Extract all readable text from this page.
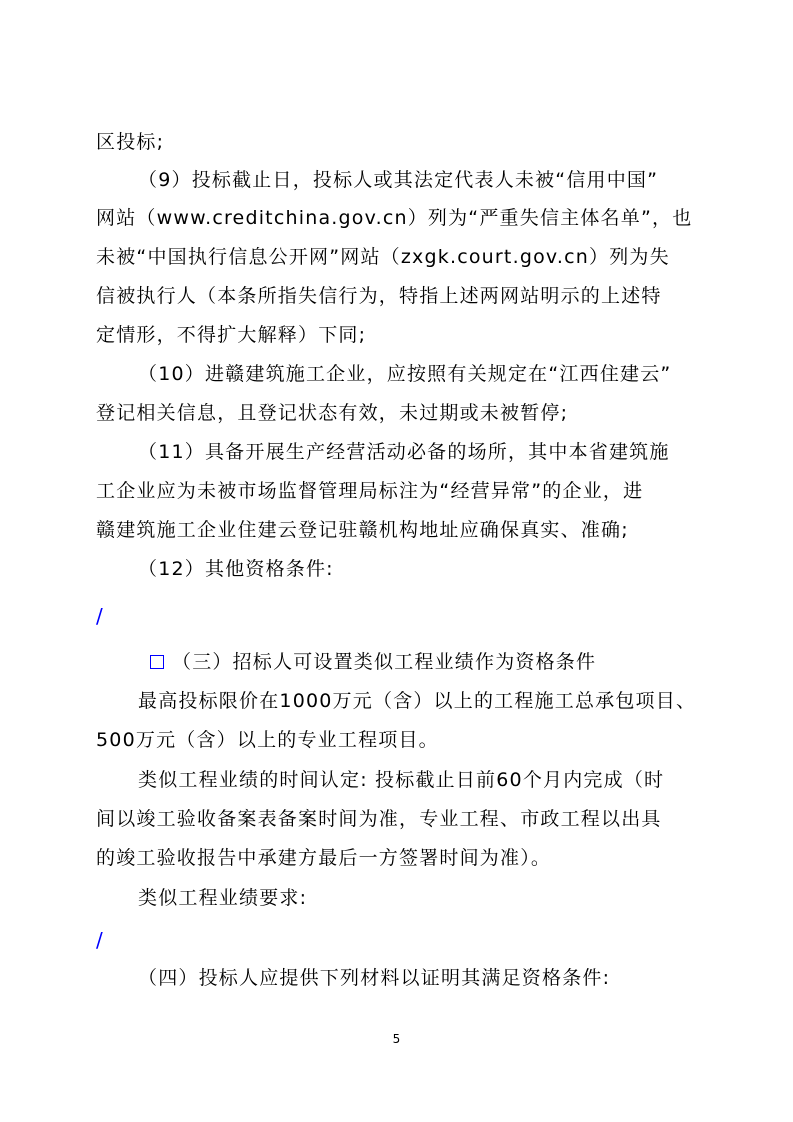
区投标;
（9）投标截止日，投标人或其法定代表人未被“信用中国”
网站（www.creditchina.gov.cn）列为“严重失信主体名单”，也
未被“中国执行信息公开网”网站（zxgk.court.gov.cn）列为失
信被执行人（本条所指失信行为，特指上述两网站明示的上述特
定情形，不得扩大解释）下同;
（10）进赣建筑施工企业，应按照有关规定在“江西住建云”
登记相关信息，且登记状态有效，未过期或未被暂停;
（11）具备开展生产经营活动必备的场所，其中本省建筑施
工企业应为未被市场监督管理局标注为“经营异常”的企业，进
赣建筑施工企业住建云登记驻赣机构地址应确保真实、准确;
（12）其他资格条件:
/
（三）招标人可设置类似工程业绩作为资格条件
最高投标限价在1000万元（含）以上的工程施工总承包项目、
500万元（含）以上的专业工程项目。
类似工程业绩的时间认定: 投标截止日前60个月内完成（时
间以竣工验收备案表备案时间为准，专业工程、市政工程以出具
的竣工验收报告中承建方最后一方签署时间为准）。
类似工程业绩要求:
/
（四）投标人应提供下列材料以证明其满足资格条件:
5
